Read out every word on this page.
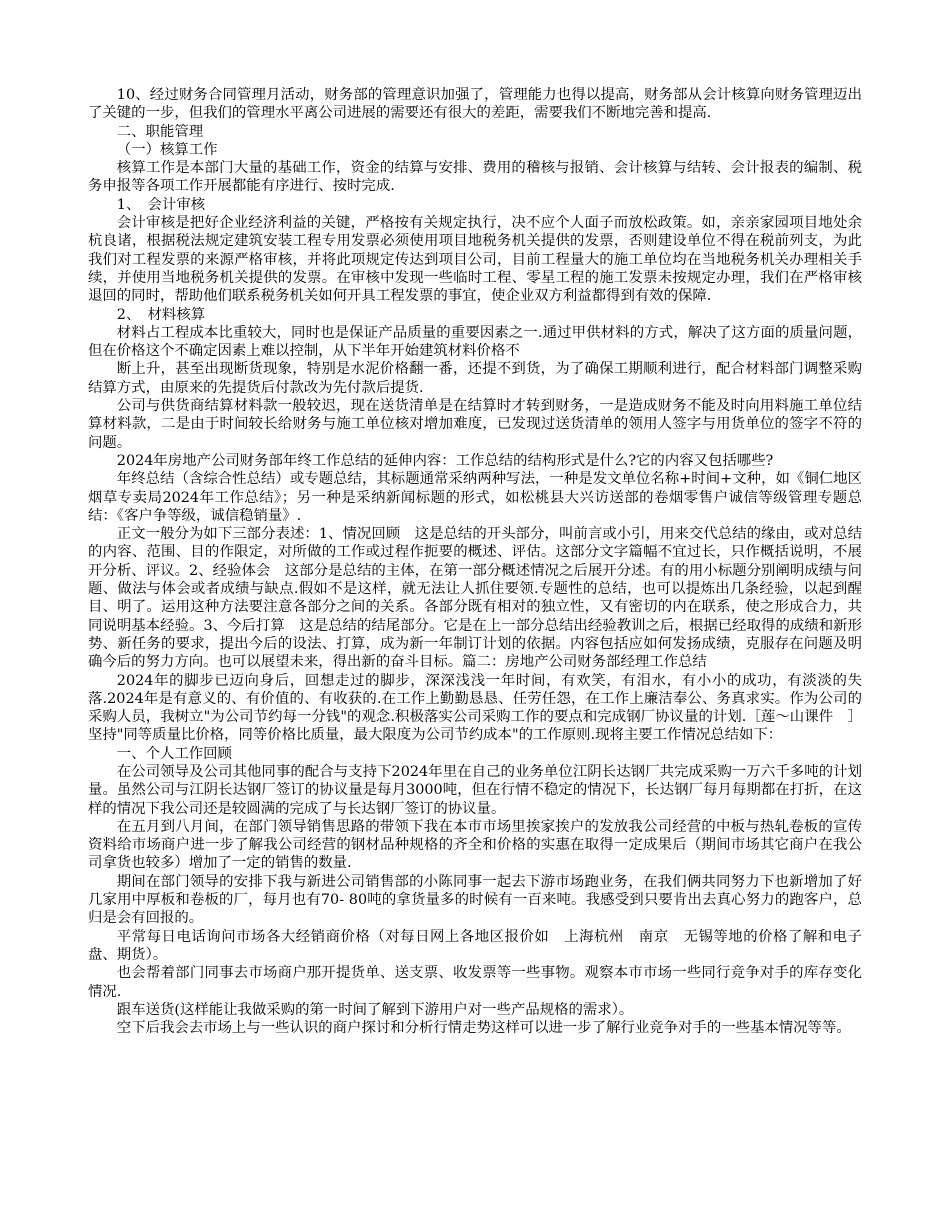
10、经过财务合同管理月活动，财务部的管理意识加强了，管理能力也得以提高，财务部从会计核算向财务管理迈出了关键的一步，但我们的管理水平离公司进展的需要还有很大的差距，需要我们不断地完善和提高.

二、职能管理

（一）核算工作

核算工作是本部门大量的基础工作，资金的结算与安排、费用的稽核与报销、会计核算与结转、会计报表的编制、税务申报等各项工作开展都能有序进行、按时完成.

1、　会计审核

会计审核是把好企业经济利益的关键，严格按有关规定执行，决不应个人面子而放松政策。如，亲亲家园项目地处余杭良诸，根据税法规定建筑安装工程专用发票必须使用项目地税务机关提供的发票，否则建设单位不得在税前列支，为此我们对工程发票的来源严格审核，并将此项规定传达到项目公司，目前工程量大的施工单位均在当地税务机关办理相关手续，并使用当地税务机关提供的发票。在审核中发现一些临时工程、零星工程的施工发票未按规定办理，我们在严格审核退回的同时，帮助他们联系税务机关如何开具工程发票的事宜，使企业双方利益都得到有效的保障.

2、　材料核算

材料占工程成本比重较大，同时也是保证产品质量的重要因素之一.通过甲供材料的方式，解决了这方面的质量问题，但在价格这个不确定因素上难以控制，从下半年开始建筑材料价格不

断上升，甚至出现断货现象，特别是水泥价格翻一番，还提不到货，为了确保工期顺利进行，配合材料部门调整采购结算方式，由原来的先提货后付款改为先付款后提货.

公司与供货商结算材料款一般较迟，现在送货清单是在结算时才转到财务，一是造成财务不能及时向用料施工单位结算材料款，二是由于时间较长给财务与施工单位核对增加难度，已发现过送货清单的领用人签字与用货单位的签字不符的问题。

2024年房地产公司财务部年终工作总结的延伸内容：工作总结的结构形式是什么?它的内容又包括哪些?

年终总结（含综合性总结）或专题总结，其标题通常采纳两种写法，一种是发文单位名称+时间+文种，如《铜仁地区烟草专卖局2024年工作总结》；另一种是采纳新闻标题的形式，如松桃县大兴访送部的卷烟零售户诚信等级管理专题总结：《客户争等级，诚信稳销量》.

正文一般分为如下三部分表述：1、情况回顾　这是总结的开头部分，叫前言或小引，用来交代总结的缘由，或对总结的内容、范围、目的作限定，对所做的工作或过程作扼要的概述、评估。这部分文字篇幅不宜过长，只作概括说明，不展开分析、评议。2、经验体会　这部分是总结的主体，在第一部分概述情况之后展开分述。有的用小标题分别阐明成绩与问题、做法与体会或者成绩与缺点.假如不是这样，就无法让人抓住要领.专题性的总结，也可以提炼出几条经验，以起到醒目、明了。运用这种方法要注意各部分之间的关系。各部分既有相对的独立性，又有密切的内在联系，使之形成合力，共同说明基本经验。3、今后打算　这是总结的结尾部分。它是在上一部分总结出经验教训之后，根据已经取得的成绩和新形势、新任务的要求，提出今后的设法、打算，成为新一年制订计划的依据。内容包括应如何发扬成绩，克服存在问题及明确今后的努力方向。也可以展望未来，得出新的奋斗目标。篇二：房地产公司财务部经理工作总结

2024年的脚步已迈向身后，回想走过的脚步，深深浅浅一年时间，有欢笑，有泪水，有小小的成功，有淡淡的失落.2024年是有意义的、有价值的、有收获的.在工作上勤勤恳恳、任劳任怨，在工作上廉洁奉公、务真求实。作为公司的采购人员，我树立"为公司节约每一分钱"的观念.积极落实公司采购工作的要点和完成钢厂协议量的计划.［莲～山课件　］坚持"同等质量比价格，同等价格比质量，最大限度为公司节约成本"的工作原则.现将主要工作情况总结如下：

一、个人工作回顾

在公司领导及公司其他同事的配合与支持下2024年里在自己的业务单位江阴长达钢厂共完成采购一万六千多吨的计划量。虽然公司与江阴长达钢厂签订的协议量是每月3000吨，但在行情不稳定的情况下，长达钢厂每月每期都在打折，在这样的情况下我公司还是较圆满的完成了与长达钢厂签订的协议量。

在五月到八月间，在部门领导销售思路的带领下我在本市市场里挨家挨户的发放我公司经营的中板与热轧卷板的宣传资料给市场商户进一步了解我公司经营的钢材品种规格的齐全和价格的实惠在取得一定成果后（期间市场其它商户在我公司拿货也较多）增加了一定的销售的数量.

期间在部门领导的安排下我与新进公司销售部的小陈同事一起去下游市场跑业务，在我们俩共同努力下也新增加了好几家用中厚板和卷板的厂，每月也有70- 80吨的拿货量多的时候有一百来吨。我感受到只要肯出去真心努力的跑客户，总归是会有回报的。

平常每日电话询问市场各大经销商价格（对每日网上各地区报价如　上海杭州　南京　无锡等地的价格了解和电子盘、期货）。

也会帮着部门同事去市场商户那开提货单、送支票、收发票等一些事物。观察本市市场一些同行竞争对手的库存变化情况.

跟车送货(这样能让我做采购的第一时间了解到下游用户对一些产品规格的需求）。

空下后我会去市场上与一些认识的商户探讨和分析行情走势这样可以进一步了解行业竞争对手的一些基本情况等等。
